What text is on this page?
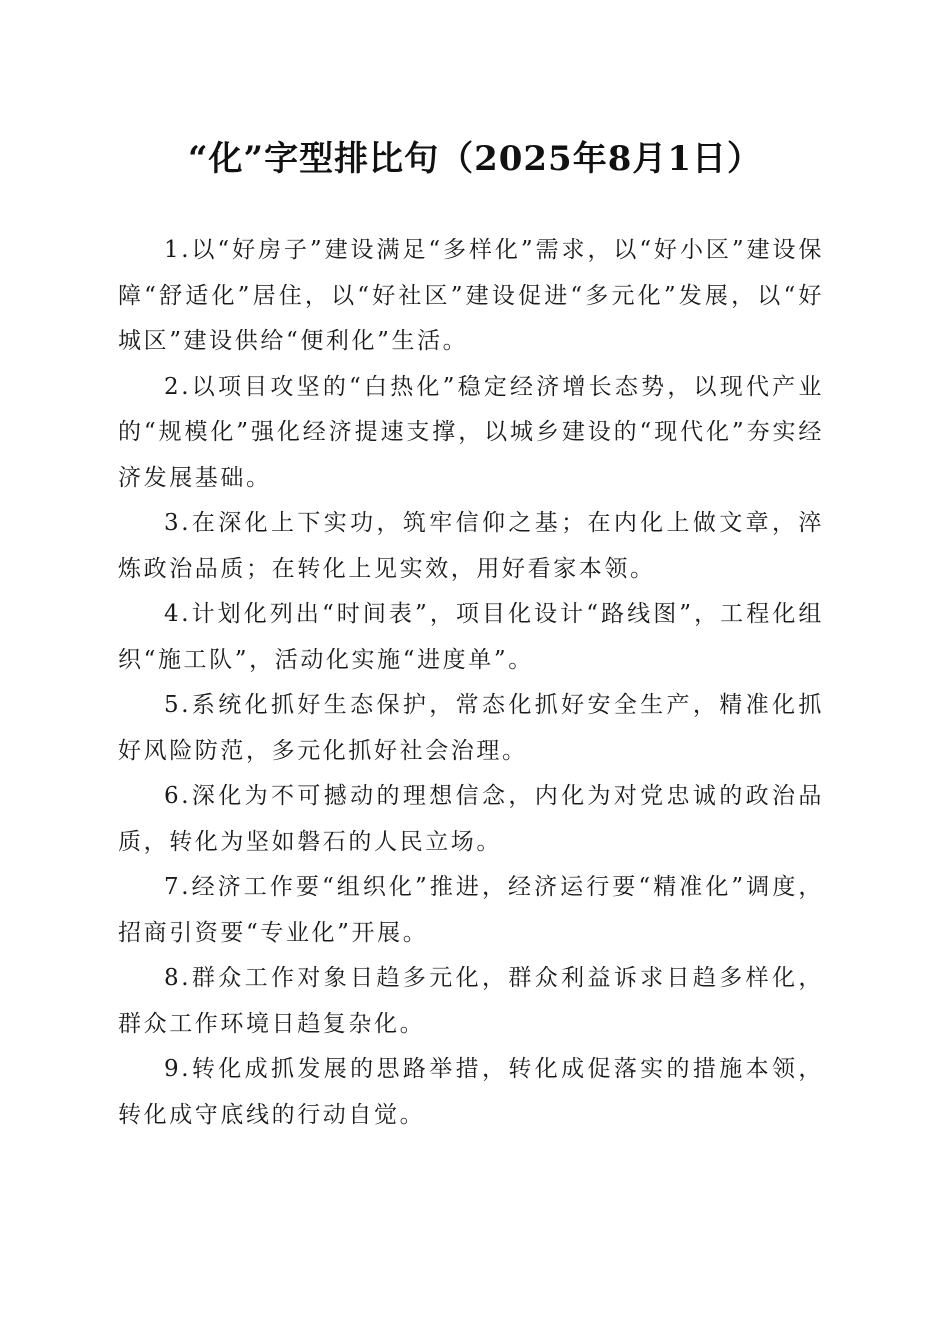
“化”字型排比句（2025年8月1日）

1.以“好房子”建设满足“多样化”需求，以“好小区”建设保障“舒适化”居住，以“好社区”建设促进“多元化”发展，以“好城区”建设供给“便利化”生活。

2.以项目攻坚的“白热化”稳定经济增长态势，以现代产业的“规模化”强化经济提速支撑，以城乡建设的“现代化”夯实经济发展基础。

3.在深化上下实功，筑牢信仰之基；在内化上做文章，淬炼政治品质；在转化上见实效，用好看家本领。

4.计划化列出“时间表”，项目化设计“路线图”，工程化组织“施工队”，活动化实施“进度单”。

5.系统化抓好生态保护，常态化抓好安全生产，精准化抓好风险防范，多元化抓好社会治理。

6.深化为不可撼动的理想信念，内化为对党忠诚的政治品质，转化为坚如磐石的人民立场。

7.经济工作要“组织化”推进，经济运行要“精准化”调度，招商引资要“专业化”开展。

8.群众工作对象日趋多元化，群众利益诉求日趋多样化，群众工作环境日趋复杂化。

9.转化成抓发展的思路举措，转化成促落实的措施本领，转化成守底线的行动自觉。
